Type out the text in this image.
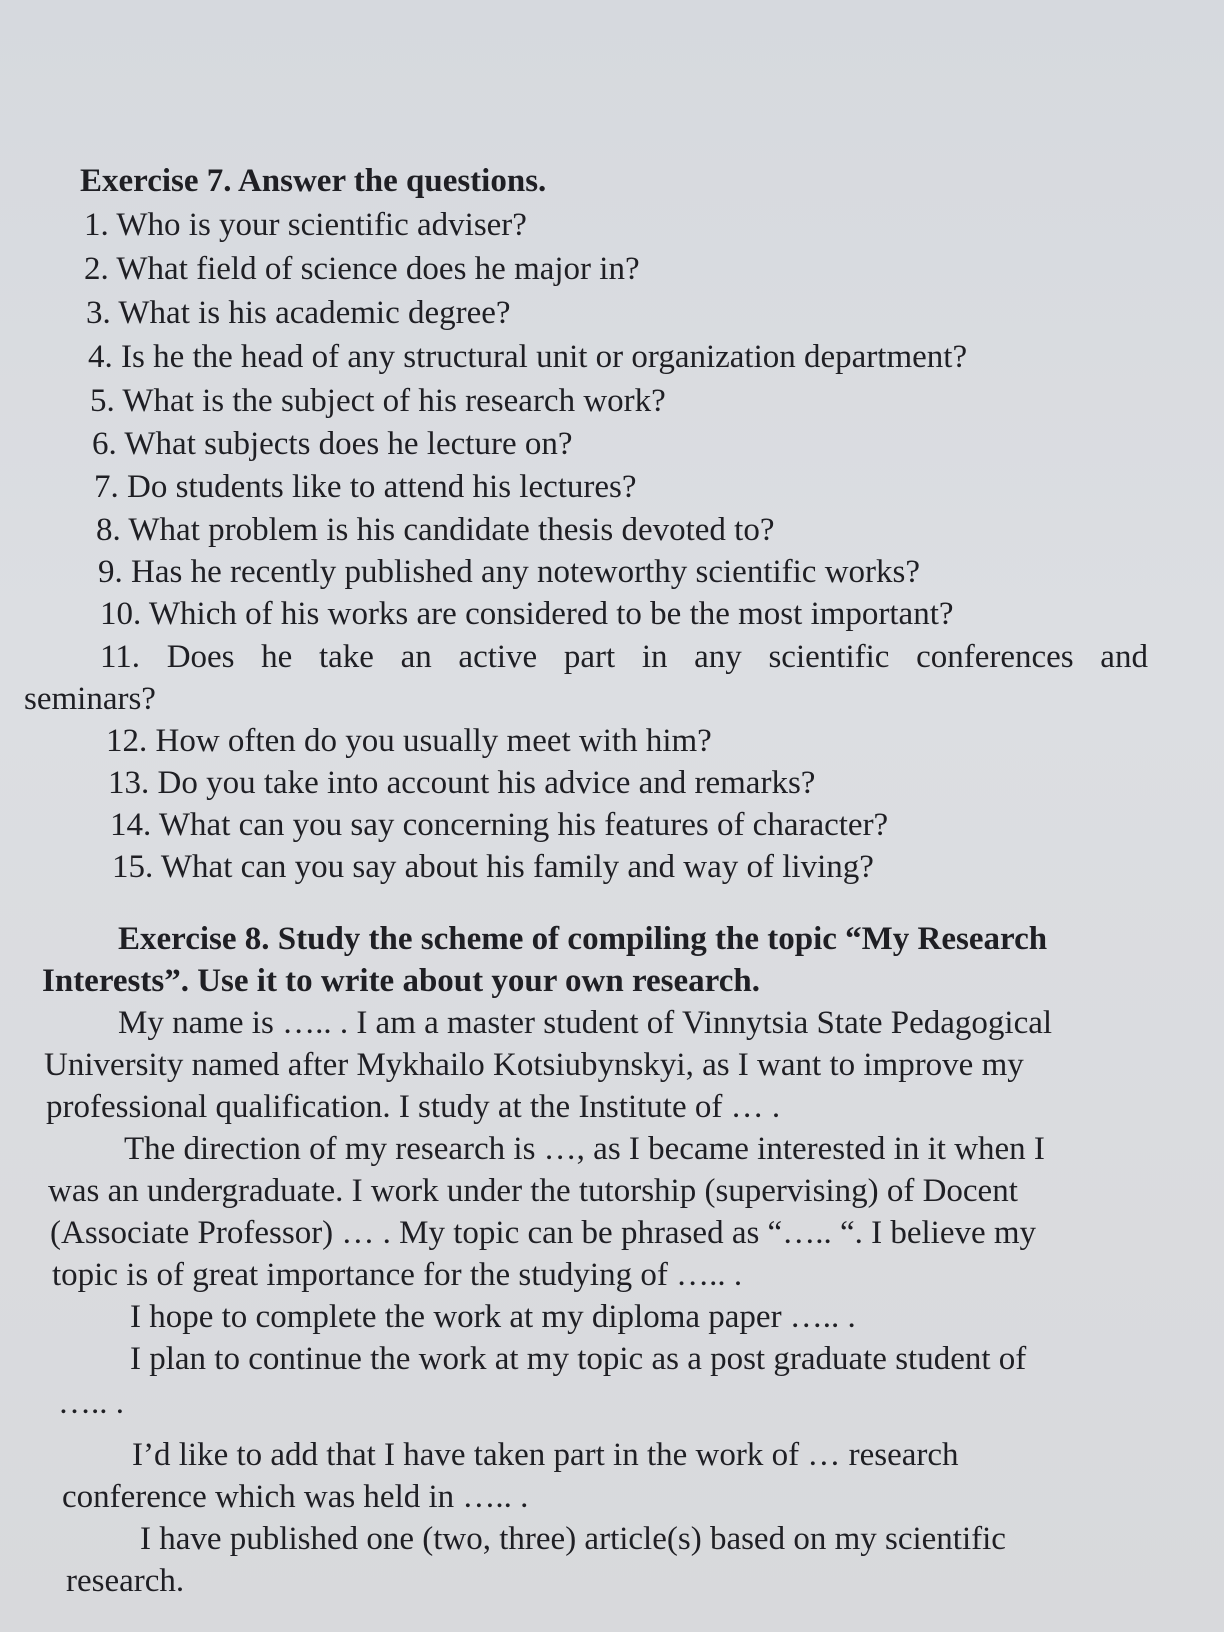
Exercise 7. Answer the questions.
1. Who is your scientific adviser?
2. What field of science does he major in?
3. What is his academic degree?
4. Is he the head of any structural unit or organization department?
5. What is the subject of his research work?
6. What subjects does he lecture on?
7. Do students like to attend his lectures?
8. What problem is his candidate thesis devoted to?
9. Has he recently published any noteworthy scientific works?
10. Which of his works are considered to be the most important?
11. Does he take an active part in any scientific conferences and
seminars?
12. How often do you usually meet with him?
13. Do you take into account his advice and remarks?
14. What can you say concerning his features of character?
15. What can you say about his family and way of living?
Exercise 8. Study the scheme of compiling the topic “My Research
Interests”. Use it to write about your own research.
My name is ….. . I am a master student of Vinnytsia State Pedagogical
University named after Mykhailo Kotsiubynskyi, as I want to improve my
professional qualification. I study at the Institute of … .
The direction of my research is …, as I became interested in it when I
was an undergraduate. I work under the tutorship (supervising) of Docent
(Associate Professor) … . My topic can be phrased as “….. “. I believe my
topic is of great importance for the studying of ….. .
I hope to complete the work at my diploma paper ….. .
I plan to continue the work at my topic as a post graduate student of
….. .
I’d like to add that I have taken part in the work of … research
conference which was held in ….. .
I have published one (two, three) article(s) based on my scientific
research.
